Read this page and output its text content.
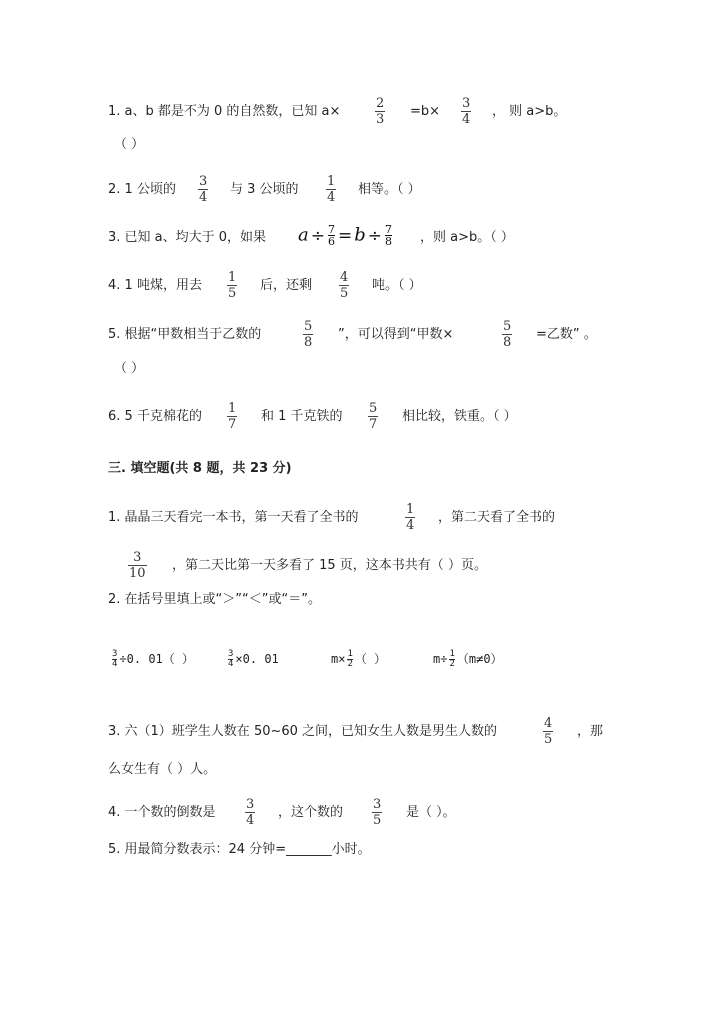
1. a、b 都是不为 0 的自然数，已知 a×
2
3
=b×
3
4
， 则 a>b。
（ ）
2. 1 公顷的
3
4
与 3 公顷的
1
4
相等。（ ）
3. 已知 a、均大于 0，如果 $a \div \frac{7}{6} = b \div \frac{7}{8}$ ，则 a>b。（ ）
4. 1 吨煤，用去
1
5
后，还剩
4
5
吨。（ ）
5. 根据“甲数相当于乙数的
5
8
”，可以得到“甲数×
5
8
=乙数” 。
（ ）
6. 5 千克棉花的
1
7
和 1 千克铁的
5
7
相比较，铁重。（ ）
三. 填空题(共 8 题，共 23 分)
1. 晶晶三天看完一本书，第一天看了全书的
1
4
，第二天看了全书的
3
10
，第二天比第一天多看了 15 页，这本书共有（ ）页。
2. 在括号里填上或“＞”“＜”或“＝”。
$\frac{3}{4} \div 0$. 01（ ）	$\frac{3}{4} \times 0$. 01	$m\times \frac{1}{2}$ （ ）	$m\div \frac{1}{2} (m\ne 0)$
3. 六（1）班学生人数在 50~60 之间，已知女生人数是男生人数的
4
5
，那
么女生有（ ）人。
4. 一个数的倒数是
3
4
，这个数的
3
5
是（ ）。
5. 用最简分数表示：24 分钟=_______小时。
